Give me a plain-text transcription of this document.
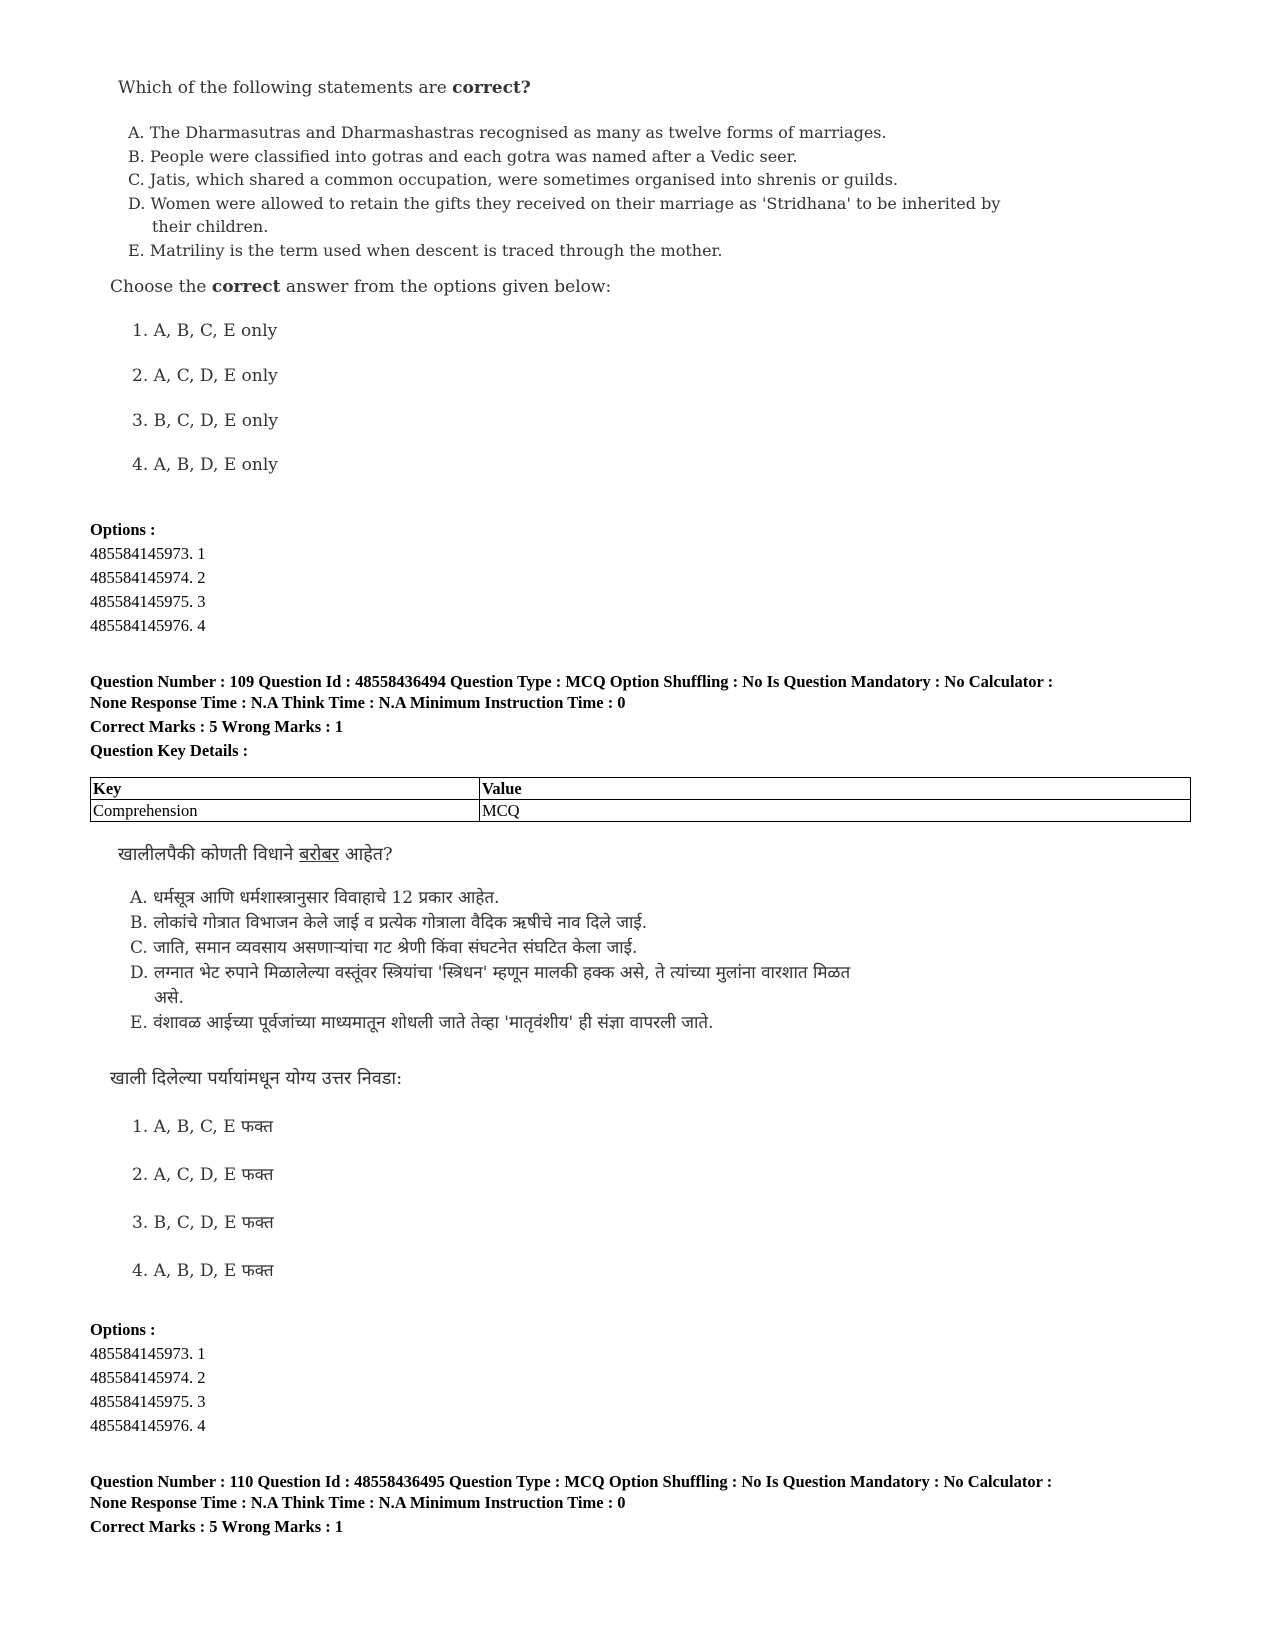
Which of the following statements are correct?

A. The Dharmasutras and Dharmashastras recognised as many as twelve forms of marriages.
B. People were classified into gotras and each gotra was named after a Vedic seer.
C. Jatis, which shared a common occupation, were sometimes organised into shrenis or guilds.
D. Women were allowed to retain the gifts they received on their marriage as 'Stridhana' to be inherited by
their children.
E. Matriliny is the term used when descent is traced through the mother.
Choose the correct answer from the options given below:
1. A, B, C, E only
2. A, C, D, E only
3. B, C, D, E only
4. A, B, D, E only
Options :
485584145973. 1
485584145974. 2
485584145975. 3
485584145976. 4
Question Number : 109 Question Id : 48558436494 Question Type : MCQ Option Shuffling : No Is Question Mandatory : No Calculator :
None Response Time : N.A Think Time : N.A Minimum Instruction Time : 0
Correct Marks : 5 Wrong Marks : 1
Question Key Details :
Key	Value
Comprehension	MCQ

खालीलपैकी कोणती विधाने बरोबर आहेत?

A. धर्मसूत्र आणि धर्मशास्त्रानुसार विवाहाचे 12 प्रकार आहेत.
B. लोकांचे गोत्रात विभाजन केले जाई व प्रत्येक गोत्राला वैदिक ऋषीचे नाव दिले जाई.
C. जाति, समान व्यवसाय असणाऱ्यांचा गट श्रेणी किंवा संघटनेत संघटित केला जाई.
D. लग्नात भेट रुपाने मिळालेल्या वस्तूंवर स्त्रियांचा 'स्त्रिधन' म्हणून मालकी हक्क असे, ते त्यांच्या मुलांना वारशात मिळत
असे.
E. वंशावळ आईच्या पूर्वजांच्या माध्यमातून शोधली जाते तेव्हा 'मातृवंशीय' ही संज्ञा वापरली जाते.
खाली दिलेल्या पर्यायांमधून योग्य उत्तर निवडा:
1. A, B, C, E फक्त
2. A, C, D, E फक्त
3. B, C, D, E फक्त
4. A, B, D, E फक्त
Options :
485584145973. 1
485584145974. 2
485584145975. 3
485584145976. 4
Question Number : 110 Question Id : 48558436495 Question Type : MCQ Option Shuffling : No Is Question Mandatory : No Calculator :
None Response Time : N.A Think Time : N.A Minimum Instruction Time : 0
Correct Marks : 5 Wrong Marks : 1
